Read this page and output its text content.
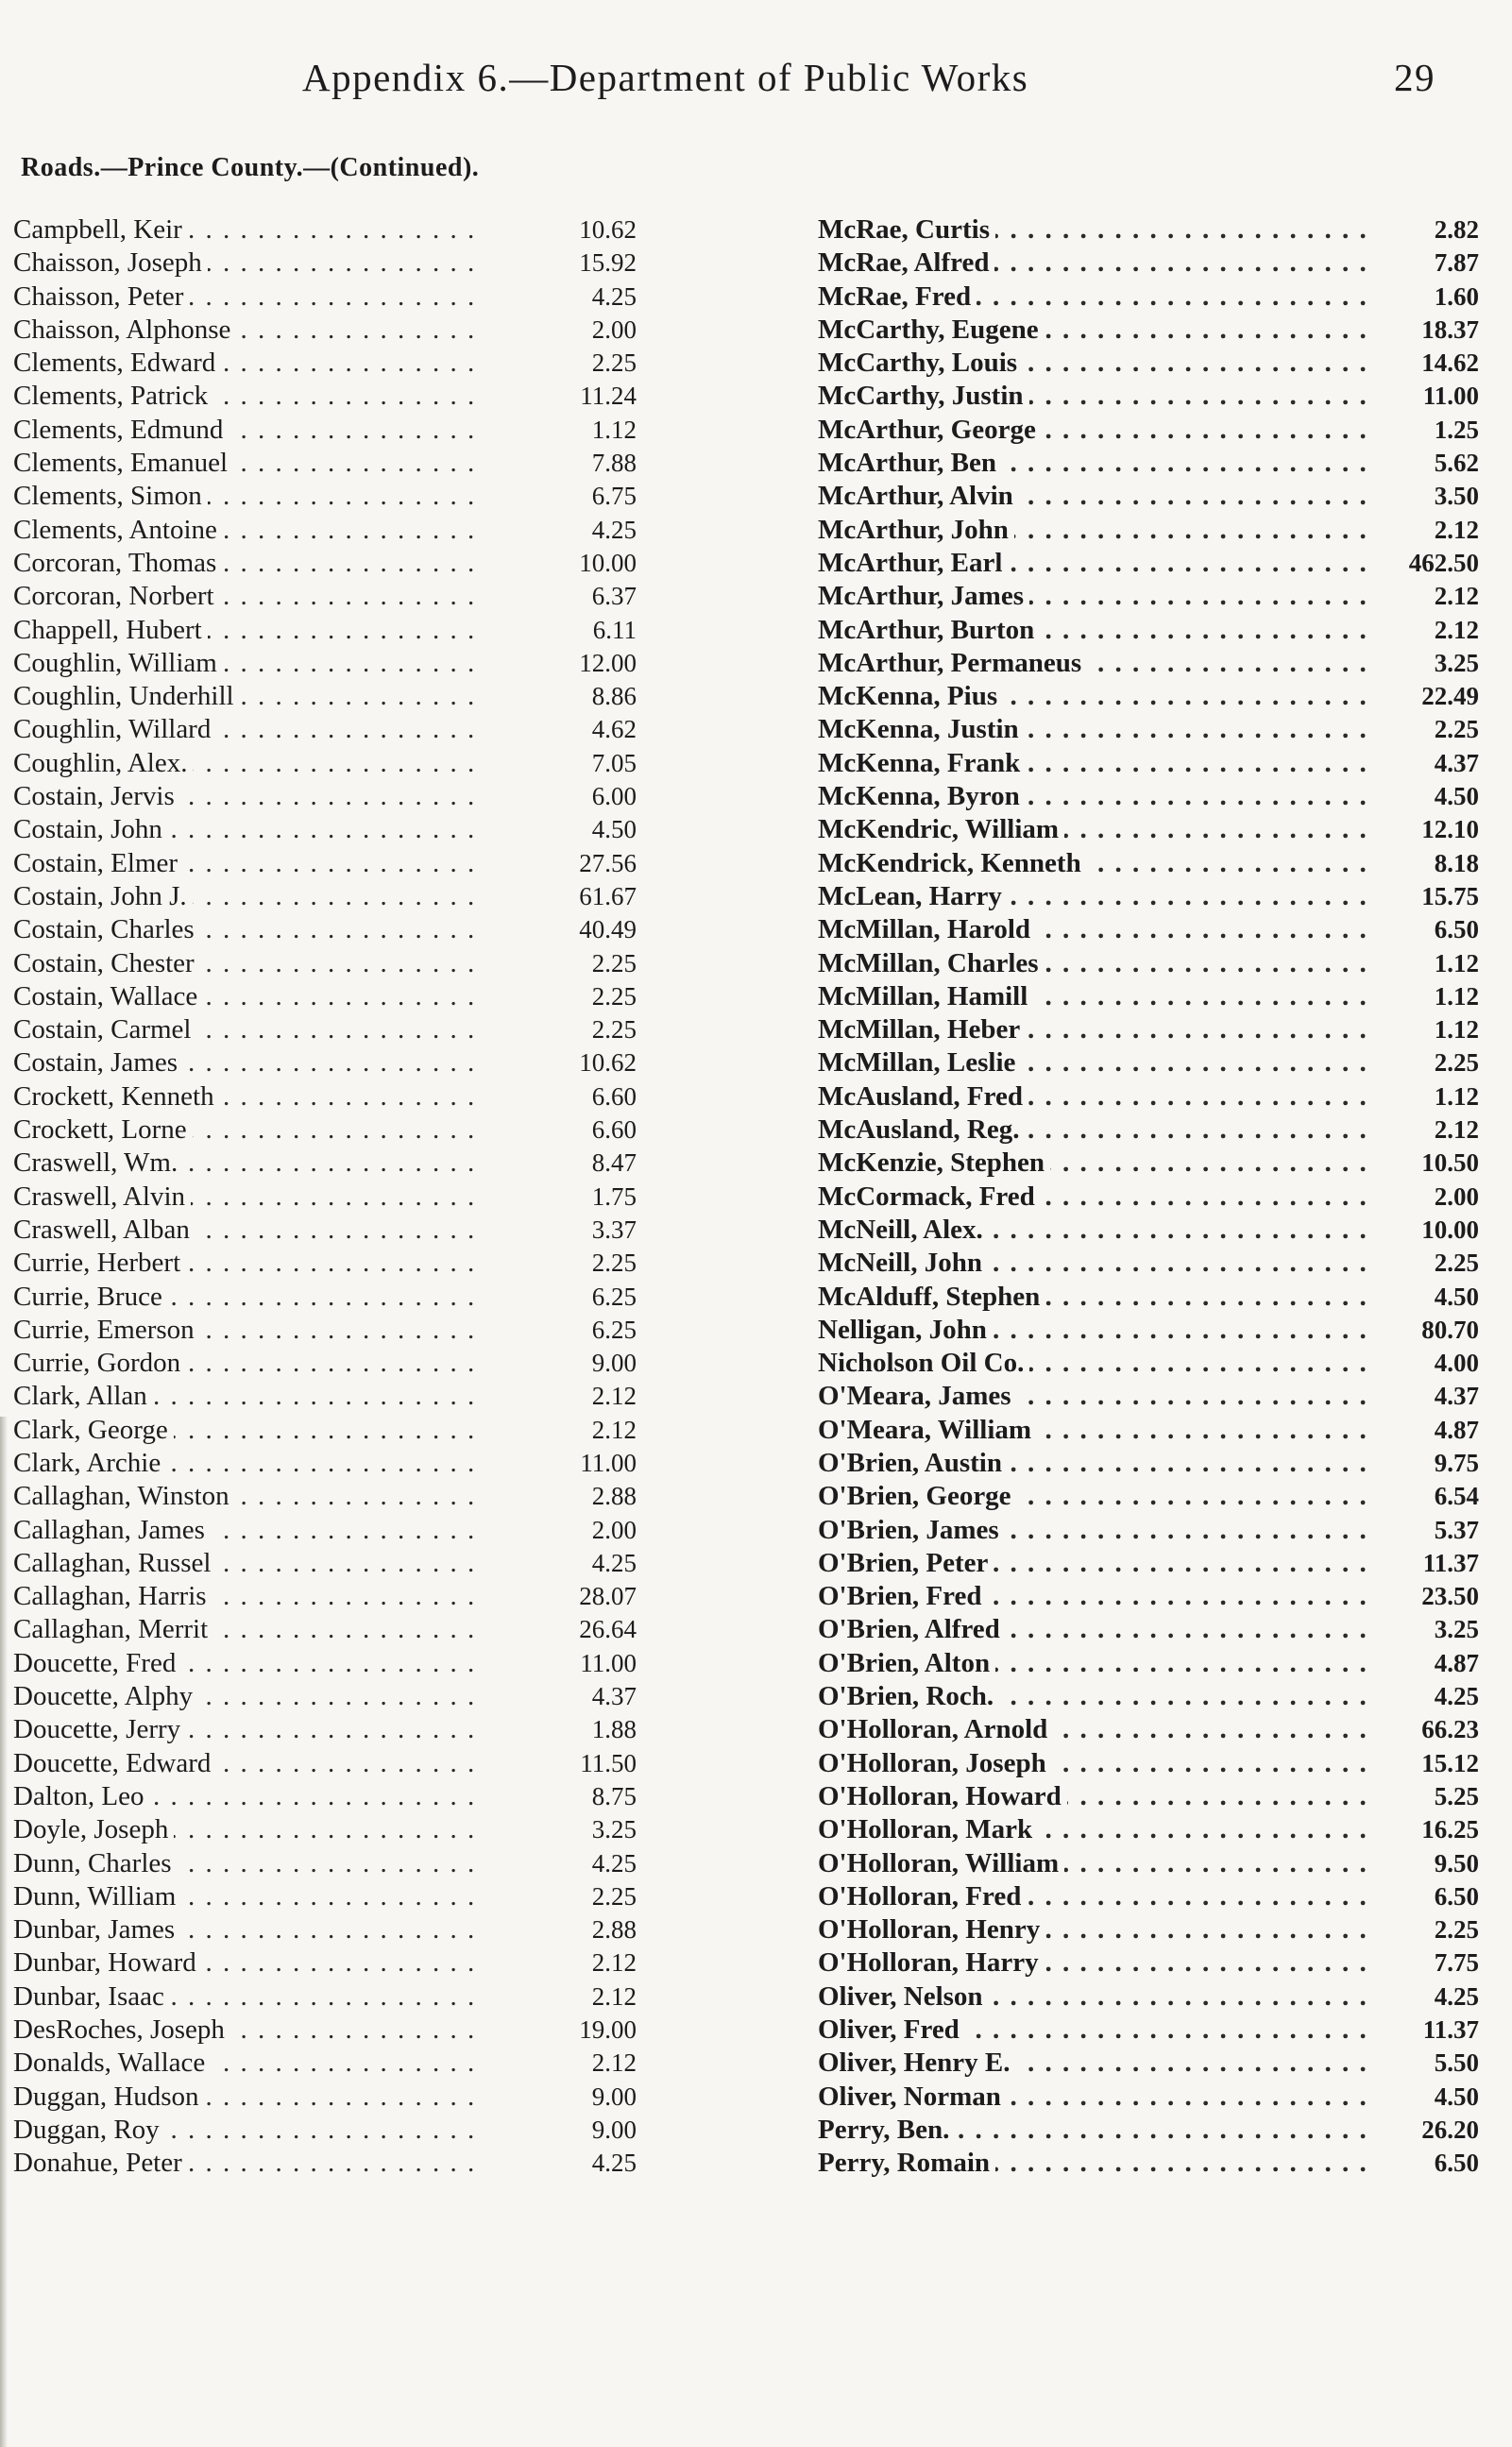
Appendix 6.—Department of Public Works	29
Roads.—Prince County.—(Continued).
Campbell, Keir . . .	10.62
Chaisson, Joseph . . .	15.92
Chaisson, Peter . . .	4.25
Chaisson, Alphonse . . .	2.00
Clements, Edward . . .	2.25
Clements, Patrick . . .	11.24
Clements, Edmund . . .	1.12
Clements, Emanuel . . .	7.88
Clements, Simon . . .	6.75
Clements, Antoine . . .	4.25
Corcoran, Thomas . . .	10.00
Corcoran, Norbert . . .	6.37
Chappell, Hubert . . .	6.11
Coughlin, William . . .	12.00
Coughlin, Underhill . . .	8.86
Coughlin, Willard . . .	4.62
Coughlin, Alex. . . .	7.05
Costain, Jervis . . .	6.00
Costain, John . . .	4.50
Costain, Elmer . . .	27.56
Costain, John J. . . .	61.67
Costain, Charles . . .	40.49
Costain, Chester . . .	2.25
Costain, Wallace . . .	2.25
Costain, Carmel . . .	2.25
Costain, James . . .	10.62
Crockett, Kenneth . . .	6.60
Crockett, Lorne . . .	6.60
Craswell, Wm. . . .	8.47
Craswell, Alvin . . .	1.75
Craswell, Alban . . .	3.37
Currie, Herbert . . .	2.25
Currie, Bruce . . .	6.25
Currie, Emerson . . .	6.25
Currie, Gordon . . .	9.00
Clark, Allan . . .	2.12
Clark, George . . .	2.12
Clark, Archie . . .	11.00
Callaghan, Winston . . .	2.88
Callaghan, James . . .	2.00
Callaghan, Russel . . .	4.25
Callaghan, Harris . . .	28.07
Callaghan, Merrit . . .	26.64
Doucette, Fred . . .	11.00
Doucette, Alphy . . .	4.37
Doucette, Jerry . . .	1.88
Doucette, Edward . . .	11.50
Dalton, Leo . . .	8.75
Doyle, Joseph . . .	3.25
Dunn, Charles . . .	4.25
Dunn, William . . .	2.25
Dunbar, James . . .	2.88
Dunbar, Howard . . .	2.12
Dunbar, Isaac . . .	2.12
DesRoches, Joseph . . .	19.00
Donalds, Wallace . . .	2.12
Duggan, Hudson . . .	9.00
Duggan, Roy . . .	9.00
Donahue, Peter . . .	4.25
McRae, Curtis . . .	2.82
McRae, Alfred . . .	7.87
McRae, Fred . . .	1.60
McCarthy, Eugene . . .	18.37
McCarthy, Louis . . .	14.62
McCarthy, Justin . . .	11.00
McArthur, George . . .	1.25
McArthur, Ben . . .	5.62
McArthur, Alvin . . .	3.50
McArthur, John . . .	2.12
McArthur, Earl . . .	462.50
McArthur, James . . .	2.12
McArthur, Burton . . .	2.12
McArthur, Permaneus . . .	3.25
McKenna, Pius . . .	22.49
McKenna, Justin . . .	2.25
McKenna, Frank . . .	4.37
McKenna, Byron . . .	4.50
McKendric, William . . .	12.10
McKendrick, Kenneth . . .	8.18
McLean, Harry . . .	15.75
McMillan, Harold . . .	6.50
McMillan, Charles . . .	1.12
McMillan, Hamill . . .	1.12
McMillan, Heber . . .	1.12
McMillan, Leslie . . .	2.25
McAusland, Fred . . .	1.12
McAusland, Reg. . . .	2.12
McKenzie, Stephen . . .	10.50
McCormack, Fred . . .	2.00
McNeill, Alex. . . .	10.00
McNeill, John . . .	2.25
McAlduff, Stephen . . .	4.50
Nelligan, John . . .	80.70
Nicholson Oil Co. . . .	4.00
O'Meara, James . . .	4.37
O'Meara, William . . .	4.87
O'Brien, Austin . . .	9.75
O'Brien, George . . .	6.54
O'Brien, James . . .	5.37
O'Brien, Peter . . .	11.37
O'Brien, Fred . . .	23.50
O'Brien, Alfred . . .	3.25
O'Brien, Alton . . .	4.87
O'Brien, Roch. . . .	4.25
O'Holloran, Arnold . . .	66.23
O'Holloran, Joseph . . .	15.12
O'Holloran, Howard . . .	5.25
O'Holloran, Mark . . .	16.25
O'Holloran, William . . .	9.50
O'Holloran, Fred . . .	6.50
O'Holloran, Henry . . .	2.25
O'Holloran, Harry . . .	7.75
Oliver, Nelson . . .	4.25
Oliver, Fred . . .	11.37
Oliver, Henry E. . . .	5.50
Oliver, Norman . . .	4.50
Perry, Ben. . . .	26.20
Perry, Romain . . .	6.50
